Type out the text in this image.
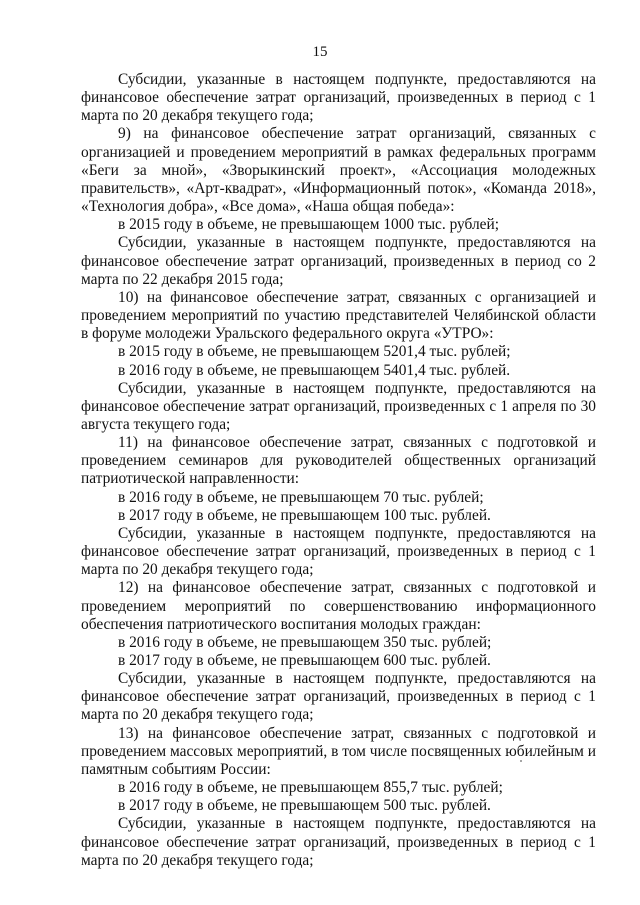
15

Субсидии, указанные в настоящем подпункте, предоставляются на финансовое обеспечение затрат организаций, произведенных в период с 1 марта по 20 декабря текущего года;

9) на финансовое обеспечение затрат организаций, связанных с организацией и проведением мероприятий в рамках федеральных программ «Беги за мной», «Зворыкинский проект», «Ассоциация молодежных правительств», «Арт-квадрат», «Информационный поток», «Команда 2018», «Технология добра», «Все дома», «Наша общая победа»:

в 2015 году в объеме, не превышающем 1000 тыс. рублей;

Субсидии, указанные в настоящем подпункте, предоставляются на финансовое обеспечение затрат организаций, произведенных в период со 2 марта по 22 декабря 2015 года;

10) на финансовое обеспечение затрат, связанных с организацией и проведением мероприятий по участию представителей Челябинской области в форуме молодежи Уральского федерального округа «УТРО»:

в 2015 году в объеме, не превышающем 5201,4 тыс. рублей;

в 2016 году в объеме, не превышающем 5401,4 тыс. рублей.

Субсидии, указанные в настоящем подпункте, предоставляются на финансовое обеспечение затрат организаций, произведенных с 1 апреля по 30 августа текущего года;

11) на финансовое обеспечение затрат, связанных с подготовкой и проведением семинаров для руководителей общественных организаций патриотической направленности:

в 2016 году в объеме, не превышающем 70 тыс. рублей;

в 2017 году в объеме, не превышающем 100 тыс. рублей.

Субсидии, указанные в настоящем подпункте, предоставляются на финансовое обеспечение затрат организаций, произведенных в период с 1 марта по 20 декабря текущего года;

12) на финансовое обеспечение затрат, связанных с подготовкой и проведением мероприятий по совершенствованию информационного обеспечения патриотического воспитания молодых граждан:

в 2016 году в объеме, не превышающем 350 тыс. рублей;

в 2017 году в объеме, не превышающем 600 тыс. рублей.

Субсидии, указанные в настоящем подпункте, предоставляются на финансовое обеспечение затрат организаций, произведенных в период с 1 марта по 20 декабря текущего года;

13) на финансовое обеспечение затрат, связанных с подготовкой и проведением массовых мероприятий, в том числе посвященных юбилейным и памятным событиям России:

в 2016 году в объеме, не превышающем 855,7 тыс. рублей;

в 2017 году в объеме, не превышающем 500 тыс. рублей.

Субсидии, указанные в настоящем подпункте, предоставляются на финансовое обеспечение затрат организаций, произведенных в период с 1 марта по 20 декабря текущего года;
